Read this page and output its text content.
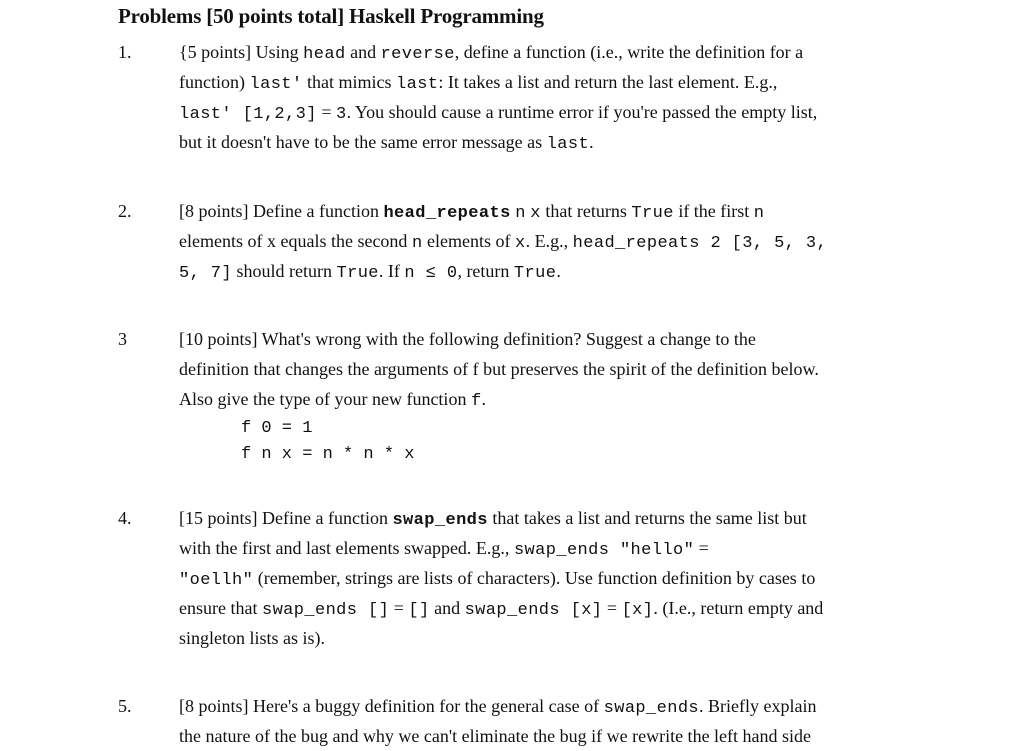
Problems [50 points total] Haskell Programming
1.	{5 points] Using head and reverse, define a function (i.e., write the definition for a
function) last' that mimics last: It takes a list and return the last element. E.g.,
last' [1,2,3] = 3. You should cause a runtime error if you're passed the empty list,
but it doesn't have to be the same error message as last.
2.	[8 points] Define a function head_repeats n x that returns True if the first n
elements of x equals the second n elements of x. E.g., head_repeats 2 [3, 5, 3,
5, 7] should return True. If n ≤ 0, return True.
3	[10 points] What's wrong with the following definition? Suggest a change to the
definition that changes the arguments of f but preserves the spirit of the definition below.
Also give the type of your new function f.
f 0 = 1
f n x = n * n * x
4.	[15 points] Define a function swap_ends that takes a list and returns the same list but
with the first and last elements swapped. E.g., swap_ends "hello" =
"oellh" (remember, strings are lists of characters). Use function definition by cases to
ensure that swap_ends [] = [] and swap_ends [x] = [x]. (I.e., return empty and
singleton lists as is).
5.	[8 points] Here's a buggy definition for the general case of swap_ends. Briefly explain
the nature of the bug and why we can't eliminate the bug if we rewrite the left hand side
